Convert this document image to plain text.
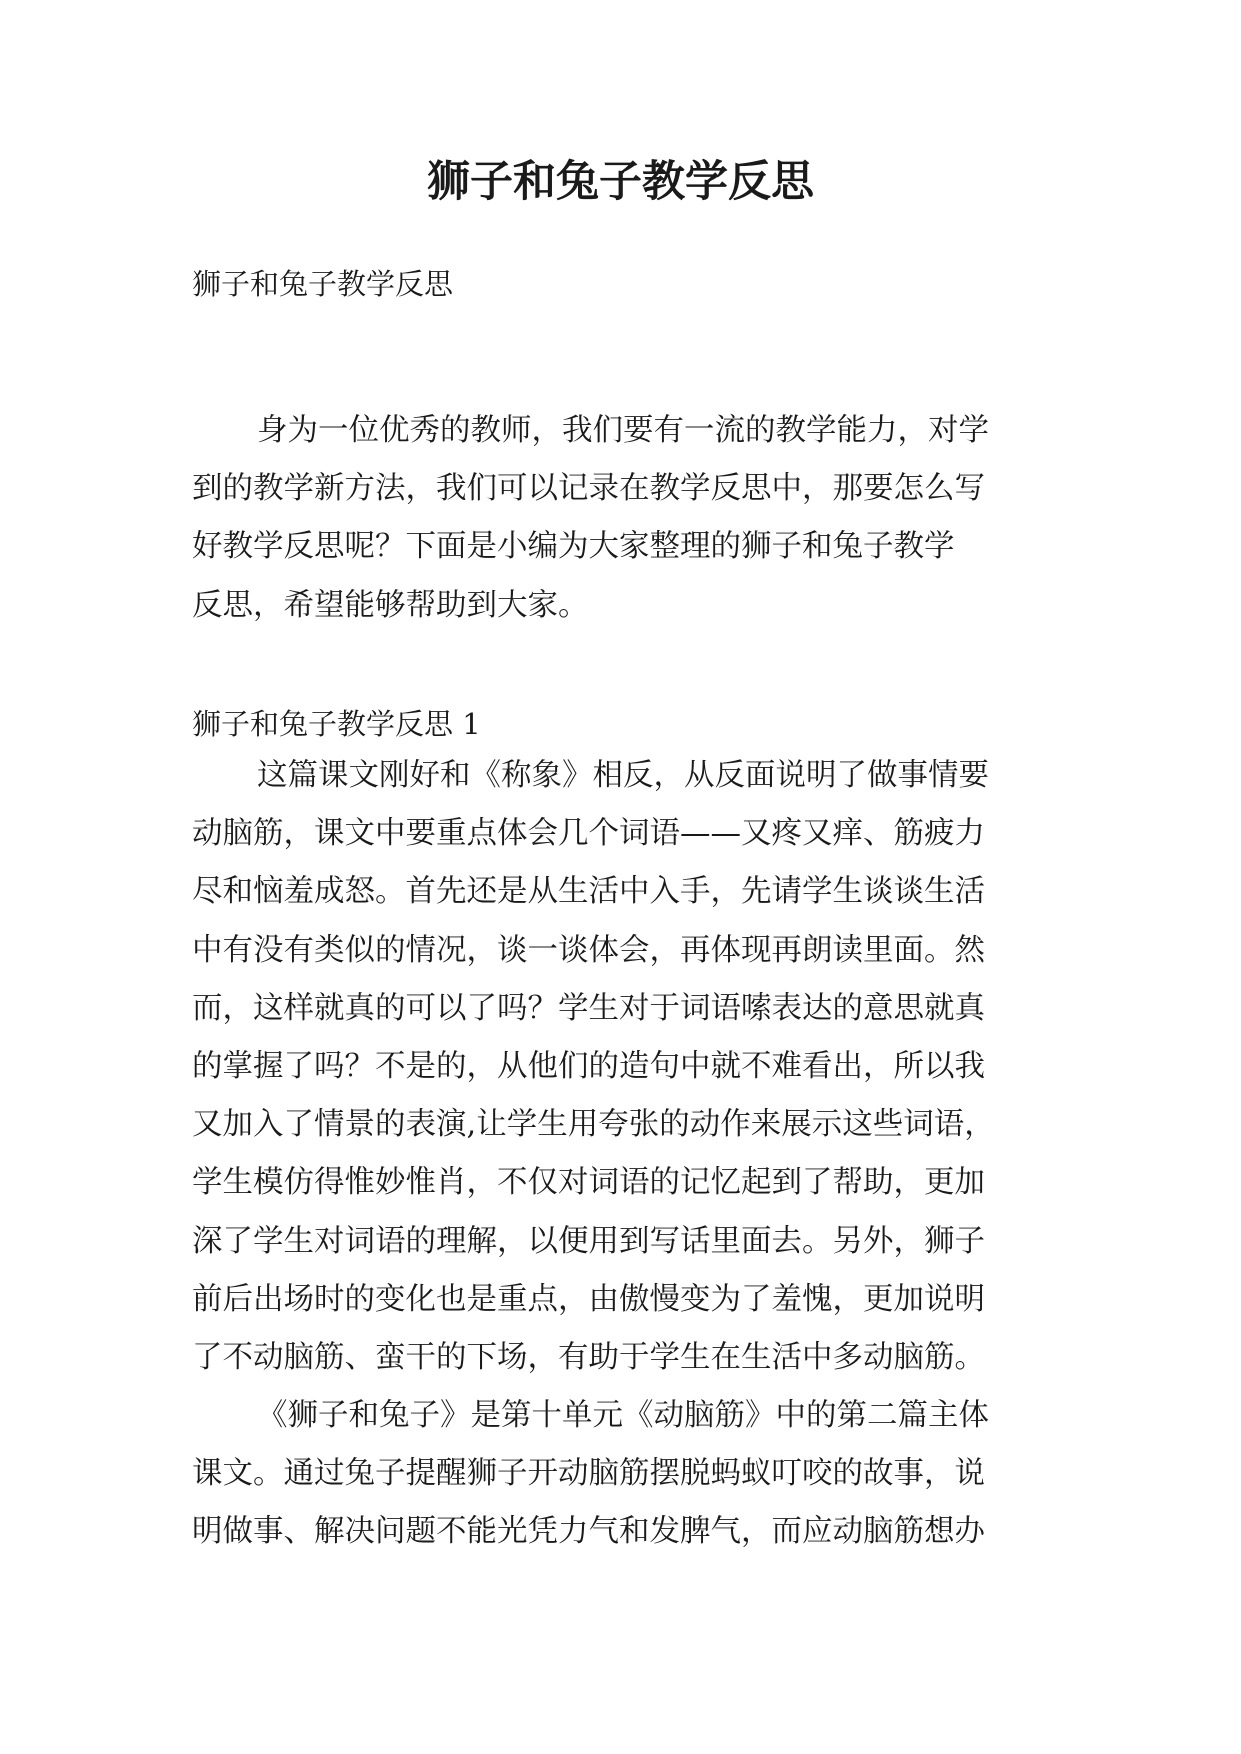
狮子和兔子教学反思

狮子和兔子教学反思

身为一位优秀的教师，我们要有一流的教学能力，对学
到的教学新方法，我们可以记录在教学反思中，那要怎么写
好教学反思呢？下面是小编为大家整理的狮子和兔子教学
反思，希望能够帮助到大家。

狮子和兔子教学反思 1

这篇课文刚好和《称象》相反，从反面说明了做事情要
动脑筋，课文中要重点体会几个词语——又疼又痒、筋疲力
尽和恼羞成怒。首先还是从生活中入手，先请学生谈谈生活
中有没有类似的情况，谈一谈体会，再体现再朗读里面。然
而，这样就真的可以了吗？学生对于词语嗦表达的意思就真
的掌握了吗？不是的，从他们的造句中就不难看出，所以我
又加入了情景的表演,让学生用夸张的动作来展示这些词语，
学生模仿得惟妙惟肖，不仅对词语的记忆起到了帮助，更加
深了学生对词语的理解，以便用到写话里面去。另外，狮子
前后出场时的变化也是重点，由傲慢变为了羞愧，更加说明
了不动脑筋、蛮干的下场，有助于学生在生活中多动脑筋。
《狮子和兔子》是第十单元《动脑筋》中的第二篇主体
课文。通过兔子提醒狮子开动脑筋摆脱蚂蚁叮咬的故事，说
明做事、解决问题不能光凭力气和发脾气，而应动脑筋想办
